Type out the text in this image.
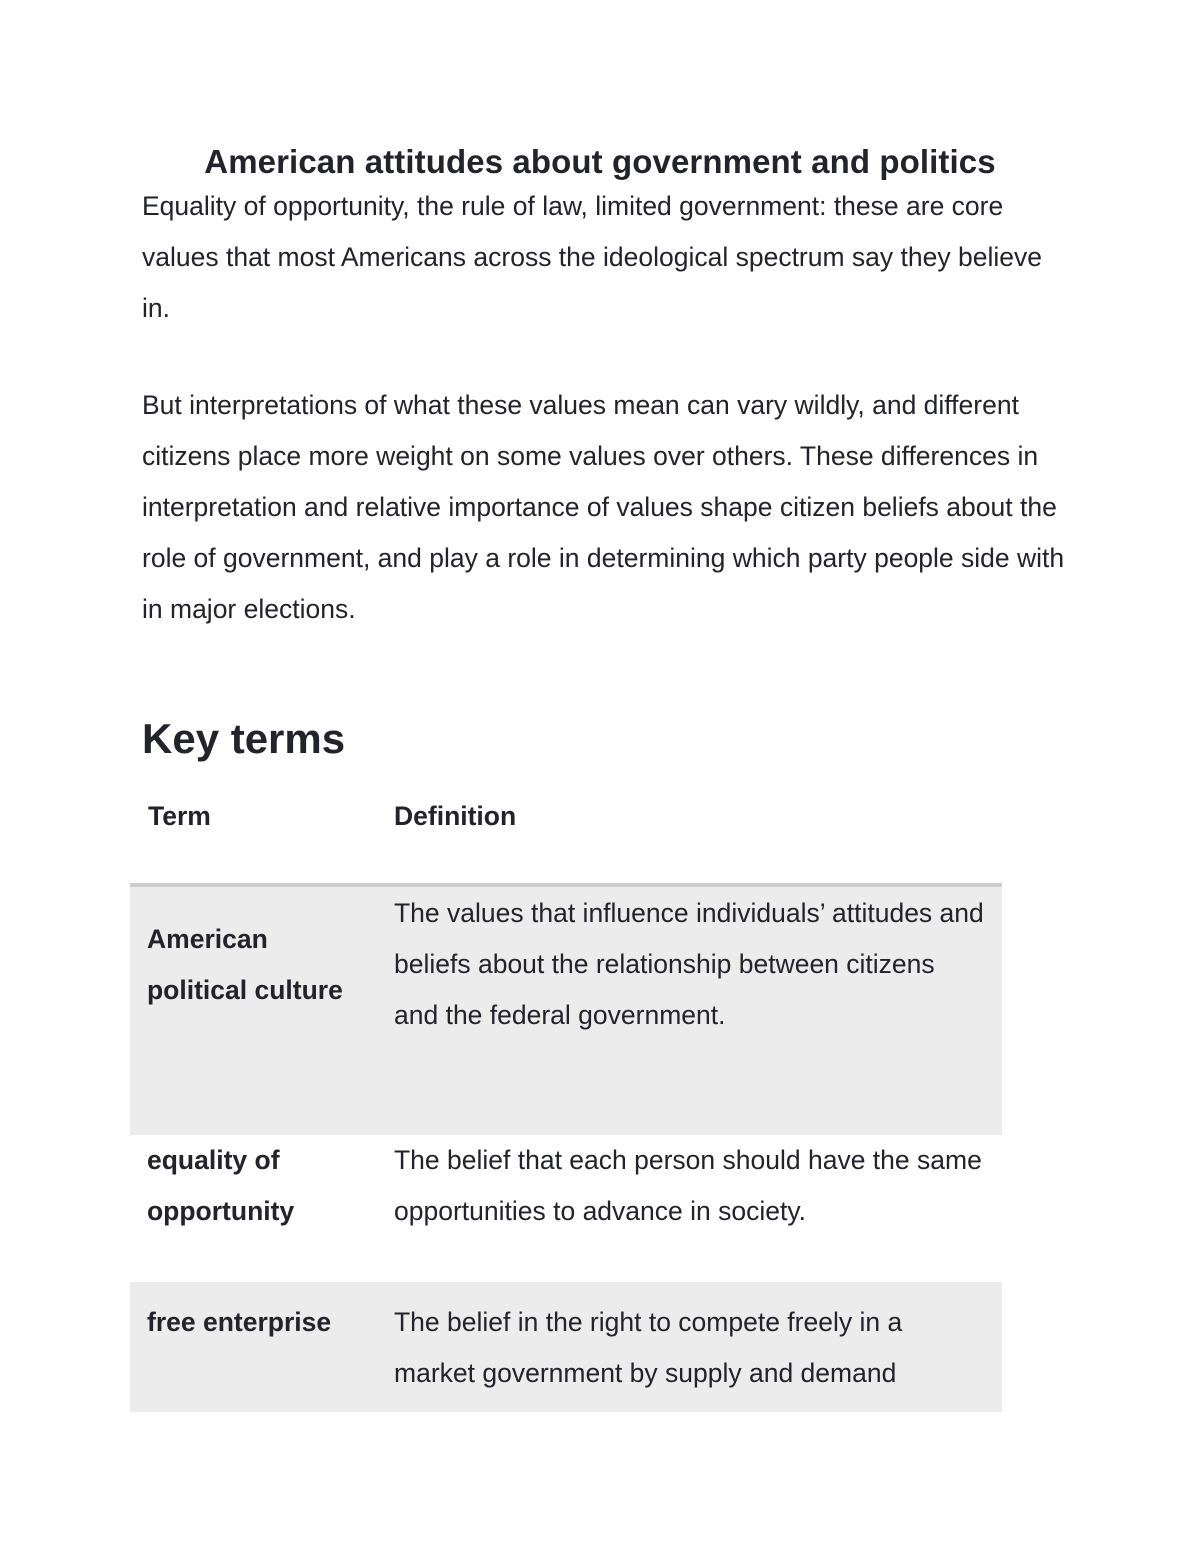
American attitudes about government and politics

Equality of opportunity, the rule of law, limited government: these are core values that most Americans across the ideological spectrum say they believe in.

But interpretations of what these values mean can vary wildly, and different citizens place more weight on some values over others. These differences in interpretation and relative importance of values shape citizen beliefs about the role of government, and play a role in determining which party people side with in major elections.

Key terms
Term	Definition
American political culture
The values that influence individuals’ attitudes and beliefs about the relationship between citizens and the federal government.
equality of opportunity
The belief that each person should have the same opportunities to advance in society.
free enterprise	The belief in the right to compete freely in a market government by supply and demand
